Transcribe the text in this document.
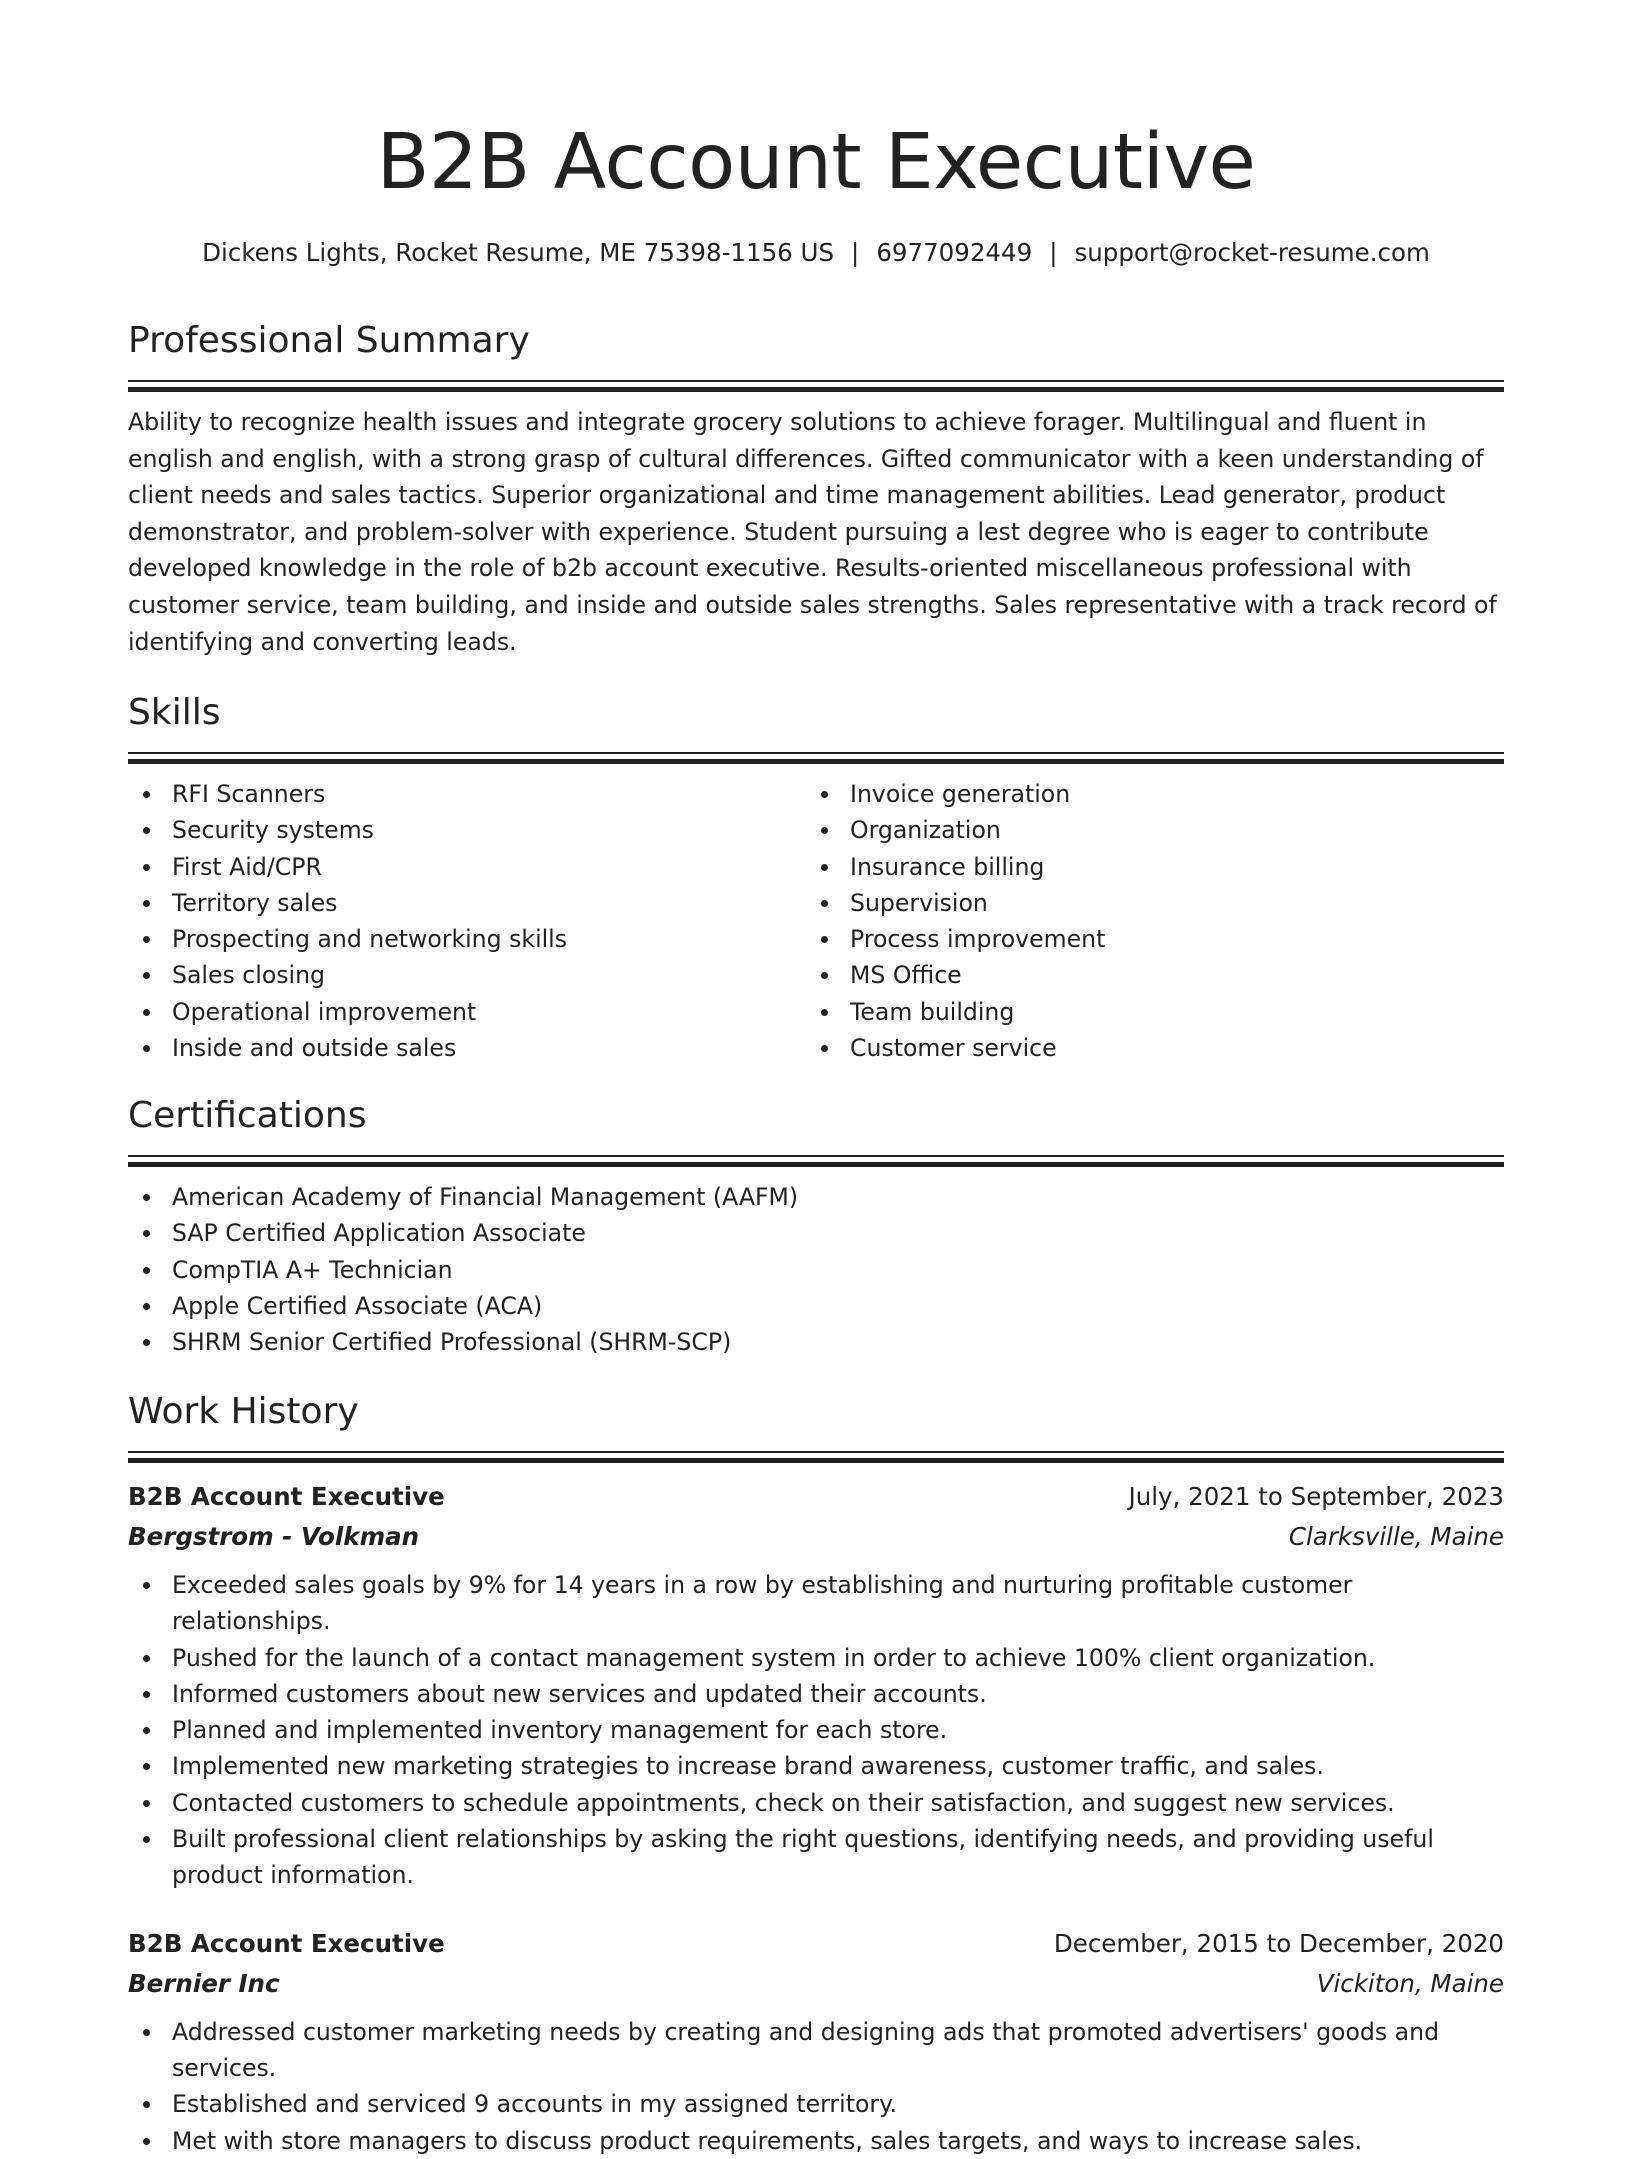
B2B Account Executive
Dickens Lights, Rocket Resume, ME 75398-1156 US | 6977092449 | support@rocket-resume.com
Professional Summary

Ability to recognize health issues and integrate grocery solutions to achieve forager. Multilingual and fluent in english and english, with a strong grasp of cultural differences. Gifted communicator with a keen understanding of client needs and sales tactics. Superior organizational and time management abilities. Lead generator, product demonstrator, and problem-solver with experience. Student pursuing a lest degree who is eager to contribute developed knowledge in the role of b2b account executive. Results-oriented miscellaneous professional with customer service, team building, and inside and outside sales strengths. Sales representative with a track record of identifying and converting leads.

Skills
RFI Scanners
Security systems
First Aid/CPR
Territory sales
Prospecting and networking skills
Sales closing
Operational improvement
Inside and outside sales
Invoice generation
Organization
Insurance billing
Supervision
Process improvement
MS Office
Team building
Customer service
Certifications
American Academy of Financial Management (AAFM)
SAP Certified Application Associate
CompTIA A+ Technician
Apple Certified Associate (ACA)
SHRM Senior Certified Professional (SHRM-SCP)
Work History
B2B Account Executive	July, 2021 to September, 2023
Bergstrom - Volkman	Clarksville, Maine
Exceeded sales goals by 9% for 14 years in a row by establishing and nurturing profitable customer relationships.
Pushed for the launch of a contact management system in order to achieve 100% client organization.
Informed customers about new services and updated their accounts.
Planned and implemented inventory management for each store.
Implemented new marketing strategies to increase brand awareness, customer traffic, and sales.
Contacted customers to schedule appointments, check on their satisfaction, and suggest new services.
Built professional client relationships by asking the right questions, identifying needs, and providing useful product information.
B2B Account Executive	December, 2015 to December, 2020
Bernier Inc	Vickiton, Maine
Addressed customer marketing needs by creating and designing ads that promoted advertisers' goods and services.
Established and serviced 9 accounts in my assigned territory.
Met with store managers to discuss product requirements, sales targets, and ways to increase sales.
